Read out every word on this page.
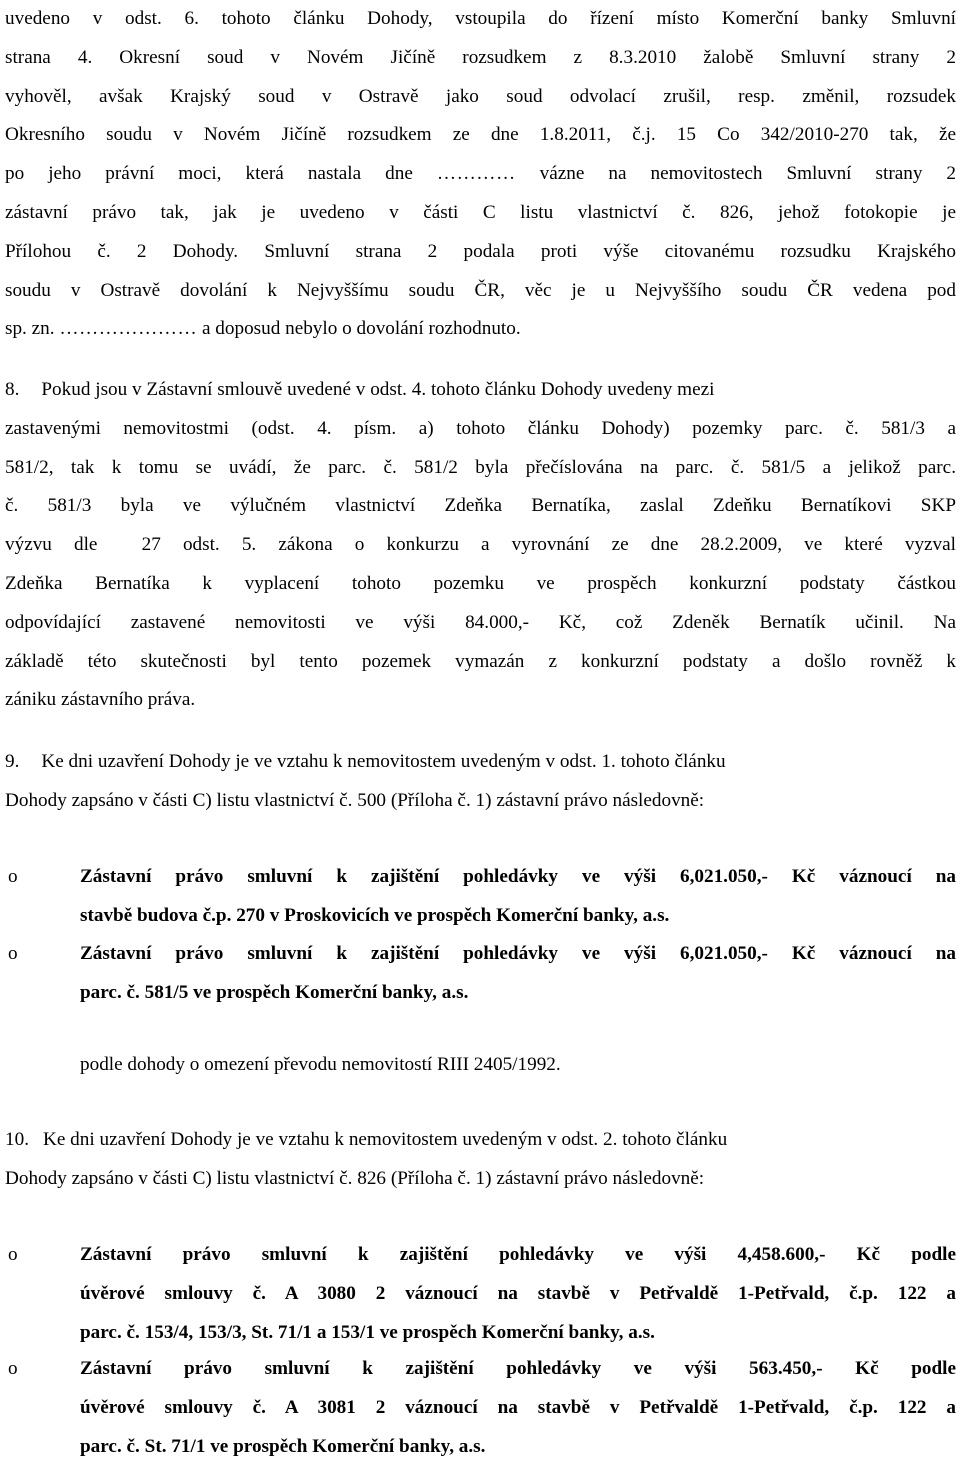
uvedeno v odst. 6. tohoto článku Dohody, vstoupila do řízení místo Komerční banky Smluvní
strana 4. Okresní soud v Novém Jičíně rozsudkem z 8.3.2010 žalobě Smluvní strany 2
vyhověl, avšak Krajský soud v Ostravě jako soud odvolací zrušil, resp. změnil, rozsudek
Okresního soudu v Novém Jičíně rozsudkem ze dne 1.8.2011, č.j. 15 Co 342/2010-270 tak, že
po jeho právní moci, která nastala dne ………… vázne na nemovitostech Smluvní strany 2
zástavní právo tak, jak je uvedeno v části C listu vlastnictví č. 826, jehož fotokopie je
Přílohou č. 2 Dohody. Smluvní strana 2 podala proti výše citovanému rozsudku Krajského
soudu v Ostravě dovolání k Nejvyššímu soudu ČR, věc je u Nejvyššího soudu ČR vedena pod
sp. zn. ………………… a doposud nebylo o dovolání rozhodnuto.
8. Pokud jsou v Zástavní smlouvě uvedené v odst. 4. tohoto článku Dohody uvedeny mezi
zastavenými nemovitostmi (odst. 4. písm. a) tohoto článku Dohody) pozemky parc. č. 581/3 a
581/2, tak k tomu se uvádí, že parc. č. 581/2 byla přečíslována na parc. č. 581/5 a jelikož parc.
č. 581/3 byla ve výlučném vlastnictví Zdeňka Bernatíka, zaslal Zdeňku Bernatíkovi SKP
výzvu dle  27 odst. 5. zákona o konkurzu a vyrovnání ze dne 28.2.2009, ve které vyzval
Zdeňka Bernatíka k vyplacení tohoto pozemku ve prospěch konkurzní podstaty částkou
odpovídající zastavené nemovitosti ve výši 84.000,- Kč, což Zdeněk Bernatík učinil. Na
základě této skutečnosti byl tento pozemek vymazán z konkurzní podstaty a došlo rovněž k
zániku zástavního práva.
9. Ke dni uzavření Dohody je ve vztahu k nemovitostem uvedeným v odst. 1. tohoto článku
Dohody zapsáno v části C) listu vlastnictví č. 500 (Příloha č. 1) zástavní právo následovně:
o	Zástavní právo smluvní k zajištění pohledávky ve výši 6,021.050,- Kč váznoucí na
stavbě budova č.p. 270 v Proskovicích ve prospěch Komerční banky, a.s.
o	Zástavní právo smluvní k zajištění pohledávky ve výši 6,021.050,- Kč váznoucí na
parc. č. 581/5 ve prospěch Komerční banky, a.s.
podle dohody o omezení převodu nemovitostí RIII 2405/1992.
10. Ke dni uzavření Dohody je ve vztahu k nemovitostem uvedeným v odst. 2. tohoto článku
Dohody zapsáno v části C) listu vlastnictví č. 826 (Příloha č. 1) zástavní právo následovně:
o	Zástavní právo smluvní k zajištění pohledávky ve výši 4,458.600,- Kč podle
úvěrové smlouvy č. A 3080 2 váznoucí na stavbě v Petřvaldě 1-Petřvald, č.p. 122 a
parc. č. 153/4, 153/3, St. 71/1 a 153/1 ve prospěch Komerční banky, a.s.
o	Zástavní právo smluvní k zajištění pohledávky ve výši 563.450,- Kč podle
úvěrové smlouvy č. A 3081 2 váznoucí na stavbě v Petřvaldě 1-Petřvald, č.p. 122 a
parc. č. St. 71/1 ve prospěch Komerční banky, a.s.
